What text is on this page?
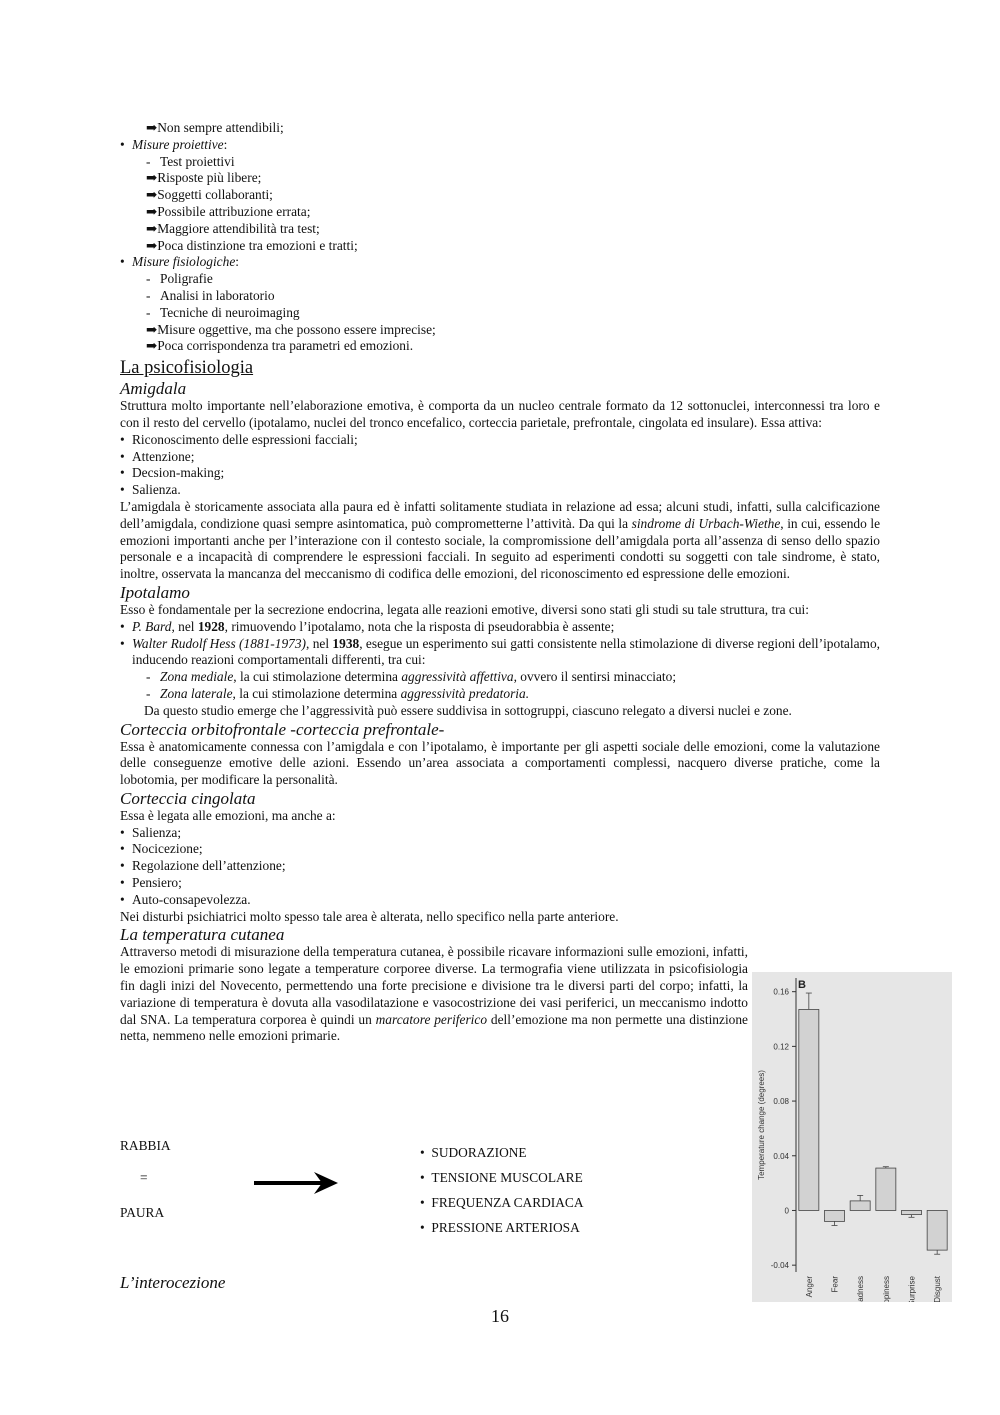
➡Non sempre attendibili;
• Misure proiettive:
- Test proiettivi
➡Risposte più libere;
➡Soggetti collaboranti;
➡Possibile attribuzione errata;
➡Maggiore attendibilità tra test;
➡Poca distinzione tra emozioni e tratti;
• Misure fisiologiche:
- Poligrafie
- Analisi in laboratorio
- Tecniche di neuroimaging
➡Misure oggettive, ma che possono essere imprecise;
➡Poca corrispondenza tra parametri ed emozioni.
La psicofisiologia
Amigdala

Struttura molto importante nell’elaborazione emotiva, è comporta da un nucleo centrale formato da 12 sottonuclei, interconnessi tra loro e con il resto del cervello (ipotalamo, nuclei del tronco encefalico, corteccia parietale, prefrontale, cingolata ed insulare). Essa attiva:

• Riconoscimento delle espressioni facciali;
• Attenzione;
• Decsion-making;
• Salienza.

L’amigdala è storicamente associata alla paura ed è infatti solitamente studiata in relazione ad essa; alcuni studi, infatti, sulla calcificazione dell’amigdala, condizione quasi sempre asintomatica, può comprometterne l’attività. Da qui la sindrome di Urbach-Wiethe, in cui, essendo le emozioni importanti anche per l’interazione con il contesto sociale, la compromissione dell’amigdala porta all’assenza di senso dello spazio personale e a incapacità di comprendere le espressioni facciali. In seguito ad esperimenti condotti su soggetti con tale sindrome, è stato, inoltre, osservata la mancanza del meccanismo di codifica delle emozioni, del riconoscimento ed espressione delle emozioni.

Ipotalamo

Esso è fondamentale per la secrezione endocrina, legata alle reazioni emotive, diversi sono stati gli studi su tale struttura, tra cui:

• P. Bard, nel 1928, rimuovendo l’ipotalamo, nota che la risposta di pseudorabbia è assente;
• Walter Rudolf Hess (1881-1973), nel 1938, esegue un esperimento sui gatti consistente nella stimolazione di diverse regioni dell’ipotalamo, inducendo reazioni comportamentali differenti, tra cui:
- Zona mediale, la cui stimolazione determina aggressività affettiva, ovvero il sentirsi minacciato;
- Zona laterale, la cui stimolazione determina aggressività predatoria.
Da questo studio emerge che l’aggressività può essere suddivisa in sottogruppi, ciascuno relegato a diversi nuclei e zone.
Corteccia orbitofrontale -corteccia prefrontale-

Essa è anatomicamente connessa con l’amigdala e con l’ipotalamo, è importante per gli aspetti sociale delle emozioni, come la valutazione delle conseguenze emotive delle azioni. Essendo un’area associata a comportamenti complessi, nacquero diverse pratiche, come la lobotomia, per modificare la personalità.

Corteccia cingolata
Essa è legata alle emozioni, ma anche a:
• Salienza;
• Nocicezione;
• Regolazione dell’attenzione;
• Pensiero;
• Auto-consapevolezza.
Nei disturbi psichiatrici molto spesso tale area è alterata, nello specifico nella parte anteriore.
La temperatura cutanea

Attraverso metodi di misurazione della temperatura cutanea, è possibile ricavare informazioni sulle emozioni, infatti, le emozioni primarie sono legate a temperature corporee diverse. La termografia viene utilizzata in psicofisiologia fin dagli inizi del Novecento, permettendo una forte precisione e divisione tra le diversi parti del corpo; infatti, la variazione di temperatura è dovuta alla vasodilatazione e vasocostrizione dei vasi periferici, un meccanismo indotto dal SNA. La temperatura corporea è quindi un marcatore periferico dell’emozione ma non permette una distinzione netta, nemmeno nelle emozioni primarie.

RABBIA
=
PAURA
•  SUDORAZIONE
•  TENSIONE MUSCOLARE
•  FREQUENZA CARDIACA
•  PRESSIONE ARTERIOSA
L’interocezione
0.16
0.12
0.08
0.04
0
-0.04
Temperature change (degrees)
B
Anger Fear Sadness Happiness Surprise Disgust
16
